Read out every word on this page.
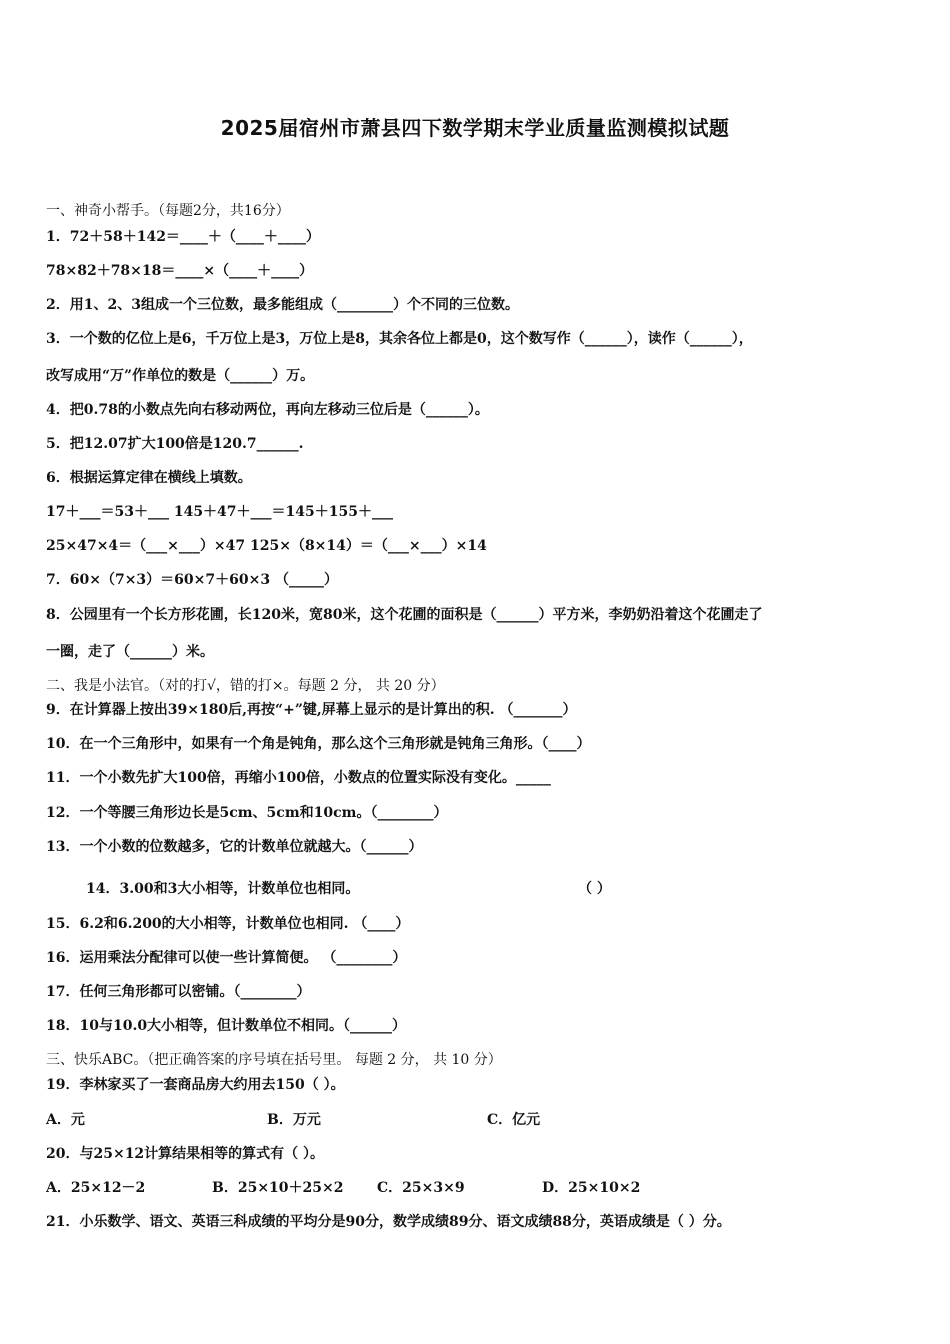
2025届宿州市萧县四下数学期末学业质量监测模拟试题
一、神奇小帮手。（每题2分，共16分）
1．72＋58＋142＝____＋（____＋____）
78×82＋78×18＝____×（____＋____）
2．用1、2、3组成一个三位数，最多能组成（________）个不同的三位数。
3．一个数的亿位上是6，千万位上是3，万位上是8，其余各位上都是0，这个数写作（______），读作（______），
改写成用“万”作单位的数是（______）万。
4．把0.78的小数点先向右移动两位，再向左移动三位后是（______）。
5．把12.07扩大100倍是120.7______.
6．根据运算定律在横线上填数。
17＋___＝53＋___ 145＋47＋___＝145＋155＋___
25×47×4＝（___×___）×47 125×（8×14）＝（___×___）×14
7．60×（7×3）＝60×7＋60×3 （_____）
8．公园里有一个长方形花圃，长120米，宽80米，这个花圃的面积是（______）平方米，李奶奶沿着这个花圃走了
一圈，走了（______）米。
二、我是小法官。（对的打√，错的打×。每题 2 分， 共 20 分）
9．在计算器上按出39×180后,再按“+”键,屏幕上显示的是计算出的积. （_______）
10．在一个三角形中，如果有一个角是钝角，那么这个三角形就是钝角三角形。（____）
11．一个小数先扩大100倍，再缩小100倍，小数点的位置实际没有变化。_____
12．一个等腰三角形边长是5cm、5cm和10cm。（________）
13．一个小数的位数越多，它的计数单位就越大。（______）
14．3.00和3大小相等，计数单位也相同。	（ ）
15．6.2和6.200的大小相等，计数单位也相同. （____）
16．运用乘法分配律可以使一些计算简便。 （________）
17．任何三角形都可以密铺。（________）
18．10与10.0大小相等，但计数单位不相同。（______）
三、快乐ABC。（把正确答案的序号填在括号里。 每题 2 分， 共 10 分）
19．李林家买了一套商品房大约用去150（ ）。
A．元	B．万元	C．亿元
20．与25×12计算结果相等的算式有（ ）。
A．25×12－2	B．25×10＋25×2 C．25×3×9	D．25×10×2
21．小乐数学、语文、英语三科成绩的平均分是90分，数学成绩89分、语文成绩88分，英语成绩是（ ）分。
